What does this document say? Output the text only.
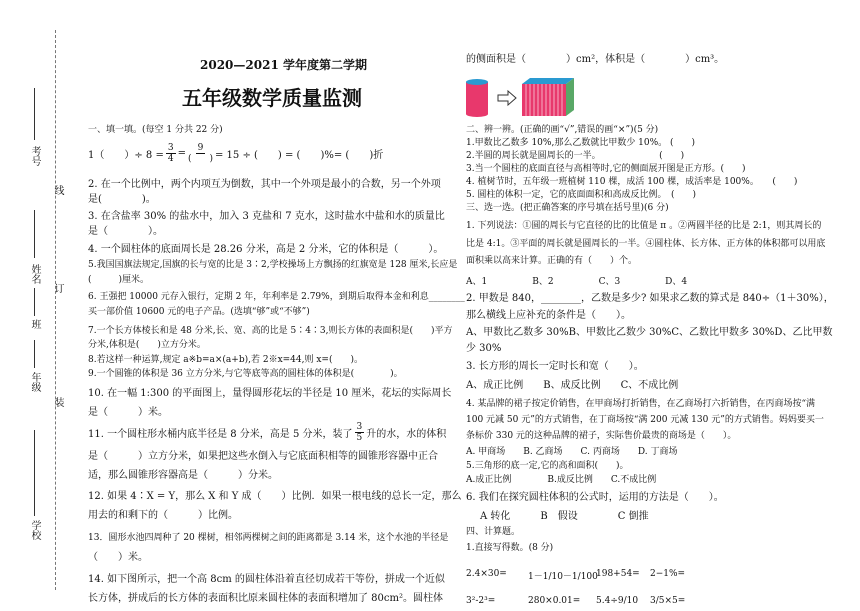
考号
线
姓名
订
班
年级
装
学校
2020—2021 学年度第二学期
五年级数学质量监测
一、填一填。(每空 1 分共 22 分)
1（　　）÷ $8 = \frac{3}{4} = \frac{9}{( )} = 15$ ÷ (　　) = (　　)%= (　　)折
2. 在一个比例中，两个内项互为倒数，其中一个外项是最小的合数，另一个外项
是(　　　　)。
3. 在含盐率 30% 的盐水中，加入 3 克盐和 7 克水，这时盐水中盐和水的质量比
是（　　　　）。
4. 一个圆柱体的底面周长是 28.26 分米，高是 2 分米，它的体积是（　　　）。
5.我国国旗法规定,国旗的长与宽的比是 3∶2,学校操场上方飘扬的红旗宽是 128 厘米,长应是
(　　　)厘米。
6. 王强把 10000 元存入银行，定期 2 年，年利率是 2.79%，到期后取得本金和利息________
买一部价值 10600 元的电子产品。(选填“够”或“不够”)
7.一个长方体棱长和是 48 分米,长、宽、高的比是 5∶4∶3,则长方体的表面积是(　　)平方
分米,体积是(　　)立方分米。
8.若这样一种运算,规定 a※b=a×(a+b),若 2※x=44,则 x=(　　)。
9.一个圆锥的体积是 36 立方分米,与它等底等高的圆柱体的体积是(　　　　)。
10. 在一幅 1:300 的平面图上，量得圆形花坛的半径是 10 厘米，花坛的实际周长
是（　　　）米。
11. 一个圆柱形水桶内底半径是 8 分米，高是 5 分米，装了 $\frac{3}{5}$ 升的水，水的体积
是（　　　）立方分米，如果把这些水倒入与它底面积相等的圆锥形容器中正合
适，那么圆锥形容器高是（　　　）分米。
12. 如果 4∶X = Y，那么 X 和 Y 成（　　）比例．如果一根电线的总长一定，那么
用去的和剩下的（　　　）比例。
13．圆形水池四周种了 20 棵树，相邻两棵树之间的距离都是 3.14 米，这个水池的半径是
（　　）米。
14. 如下图所示，把一个高 8cm 的圆柱体沿着直径切成若干等份，拼成一个近似
长方体，拼成后的长方体的表面积比原来圆柱体的表面积增加了 80cm²。圆柱体
的侧面积是（　　　　）cm²，体积是（　　　　）cm³。
二、辨一辨。(正确的画“√”,错误的画“×”)(5 分)
1.甲数比乙数多 10%,那么乙数就比甲数少 10%。 (　　)
2.半圆的周长就是圆周长的一半。　　　　　　　(　　)
3.当一个圆柱的底面直径与高相等时,它的侧面展开图是正方形。(　　)
4. 植树节时，五年级一班植树 110 棵，成活 100 棵，成活率是 100%。　　(　　)
5. 圆柱的体积一定，它的底面面积和高成反比例。　(　　)
三、选一选。(把正确答案的序号填在括号里)(6 分)
1. 下列说法：①圆的周长与它直径的比的比值是 π 。②两圆半径的比是 2:1，则其周长的
比是 4:1。③平面的周长就是圆周长的一半。④圆柱体、长方体、正方体的体积都可以用底
面积乘以高来计算。正确的有（　　）个。
A、1　　　　　B、2　　　　　C、3　　　　　D、4
2. 甲数是 840，________，乙数是多少? 如果求乙数的算式是 840÷（1＋30%），
那么横线上应补充的条件是（　　）。
A、甲数比乙数多 30%B、甲数比乙数少 30%C、乙数比甲数多 30%D、乙比甲数
少 30%
3. 长方形的周长一定时长和宽（　　）。
A、成正比例　　B、成反比例　　C、不成比例
4. 某品牌的裙子按定价销售，在甲商场打折销售，在乙商场打六折销售，在丙商场按“满
100 元减 50 元”的方式销售，在丁商场按“满 200 元减 130 元”的方式销售。妈妈要买一
条标价 330 元的这种品牌的裙子，实际售价最贵的商场是（　　）。
A. 甲商场　　B. 乙商场　　C. 丙商场　　D. 丁商场
5.三角形的底一定,它的高和面积(　　)。
A.成正比例　　　　B.成反比例　　C.不成比例
6. 我们在探究圆柱体积的公式时，运用的方法是（　　）。
A 转化　　　B　假设　　　　C 倒推
四、计算题。
1.直接写得数。(8 分)
2.4×30= 1－1/10－1/100
198+54= 2−1%=
3²-2³=	280×0.01= 5.4÷9/10 3/5×5=
